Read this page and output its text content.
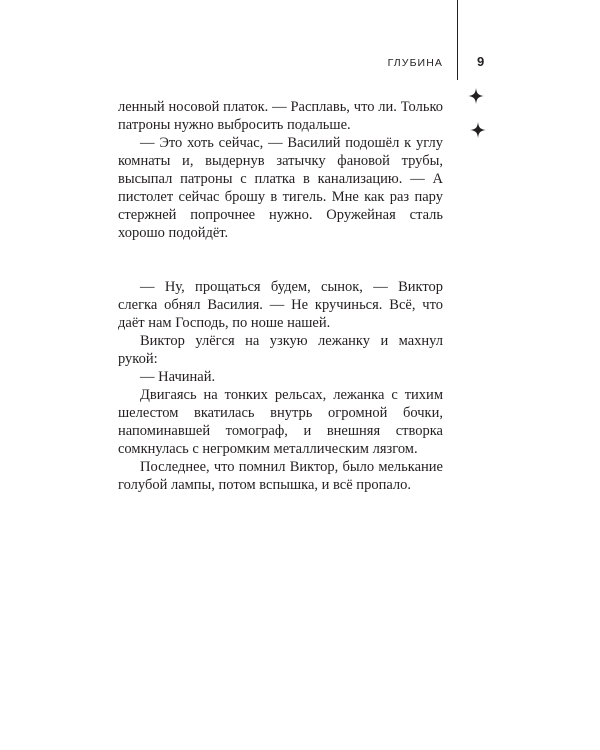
ГЛУБИНА	9

ленный носовой платок. — Расплавь, что ли. Только патроны нужно выбросить подальше.

— Это хоть сейчас, — Василий подошёл к углу комнаты и, выдернув затычку фановой трубы, высыпал патроны с платка в канализацию. — А пистолет сейчас брошу в тигель. Мне как раз пару стержней попрочнее нужно. Оружейная сталь хорошо подойдёт.

— Ну, прощаться будем, сынок, — Виктор слегка обнял Василия. — Не кручинься. Всё, что даёт нам Господь, по ноше нашей.

Виктор улёгся на узкую лежанку и махнул рукой:

— Начинай.

Двигаясь на тонких рельсах, лежанка с тихим шелестом вкатилась внутрь огромной бочки, напоминавшей томограф, и внешняя створка сомкнулась с негромким металлическим лязгом.

Последнее, что помнил Виктор, было мелькание голубой лампы, потом вспышка, и всё пропало.
